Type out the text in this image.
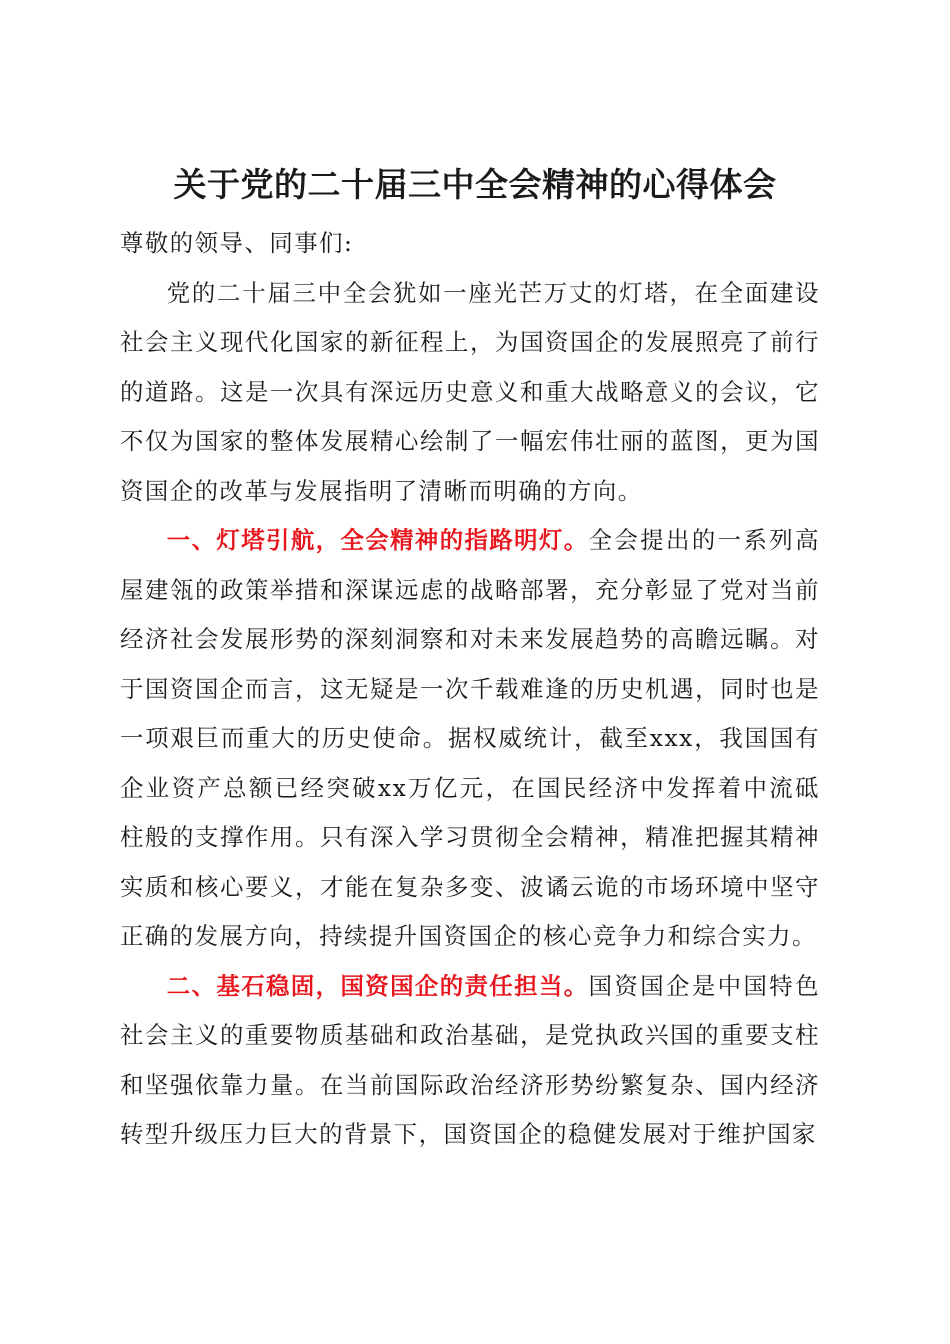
关于党的二十届三中全会精神的心得体会

尊敬的领导、同事们:

党的二十届三中全会犹如一座光芒万丈的灯塔，在全面建设社会主义现代化国家的新征程上，为国资国企的发展照亮了前行的道路。这是一次具有深远历史意义和重大战略意义的会议，它不仅为国家的整体发展精心绘制了一幅宏伟壮丽的蓝图，更为国资国企的改革与发展指明了清晰而明确的方向。

一、灯塔引航，全会精神的指路明灯。全会提出的一系列高屋建瓴的政策举措和深谋远虑的战略部署，充分彰显了党对当前经济社会发展形势的深刻洞察和对未来发展趋势的高瞻远瞩。对于国资国企而言，这无疑是一次千载难逢的历史机遇，同时也是一项艰巨而重大的历史使命。据权威统计，截至xxx，我国国有企业资产总额已经突破xx万亿元，在国民经济中发挥着中流砥柱般的支撑作用。只有深入学习贯彻全会精神，精准把握其精神实质和核心要义，才能在复杂多变、波谲云诡的市场环境中坚守正确的发展方向，持续提升国资国企的核心竞争力和综合实力。

二、基石稳固，国资国企的责任担当。国资国企是中国特色社会主义的重要物质基础和政治基础，是党执政兴国的重要支柱和坚强依靠力量。在当前国际政治经济形势纷繁复杂、国内经济转型升级压力巨大的背景下，国资国企的稳健发展对于维护国家
